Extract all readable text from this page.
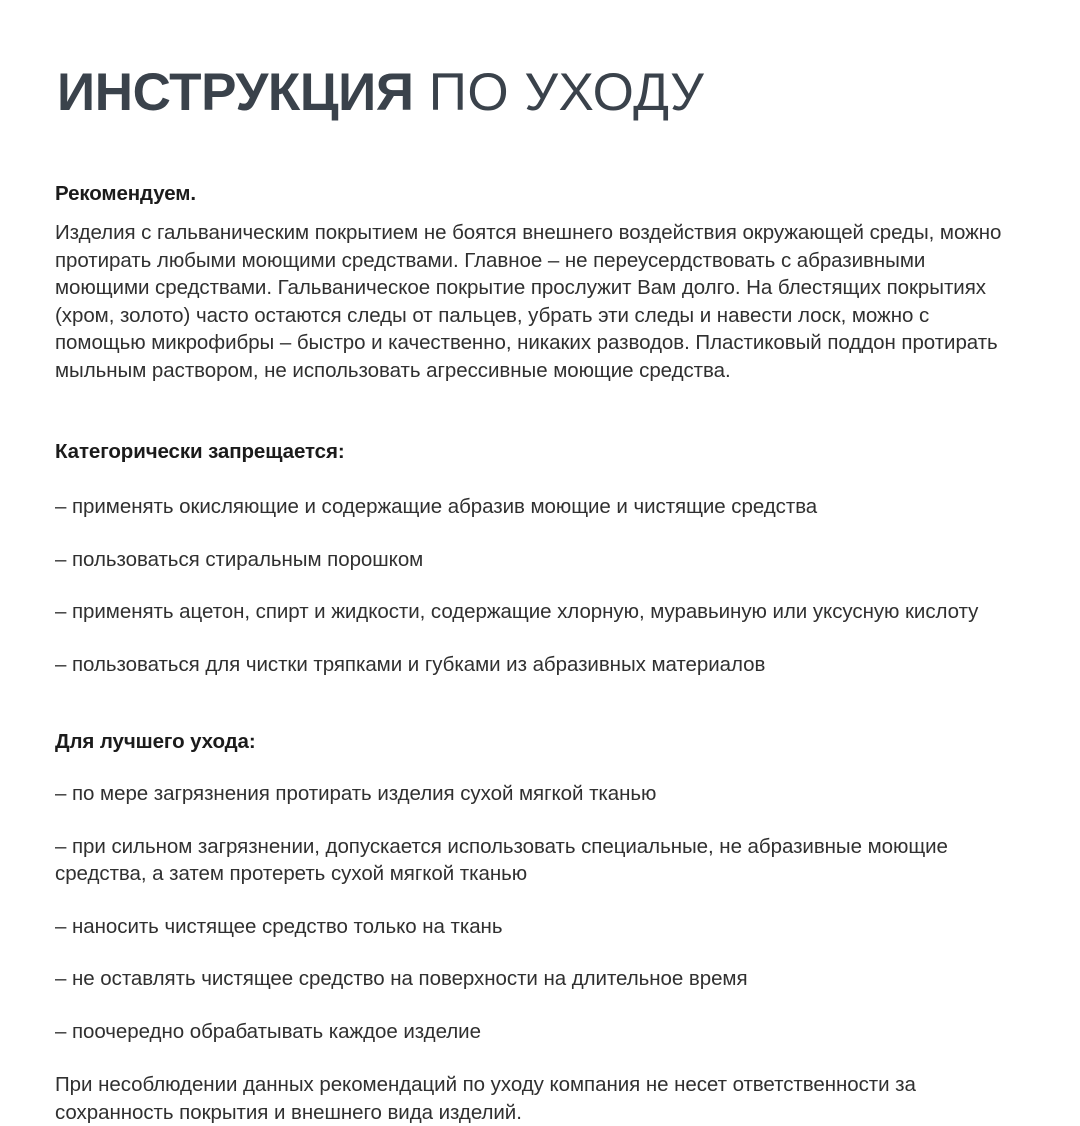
ИНСТРУКЦИЯ ПО УХОДУ
Рекомендуем.

Изделия с гальваническим покрытием не боятся внешнего воздействия окружающей среды, можно протирать любыми моющими средствами. Главное – не переусердствовать с абразивными моющими средствами. Гальваническое покрытие прослужит Вам долго. На блестящих покрытиях (хром, золото) часто остаются следы от пальцев, убрать эти следы и навести лоск, можно с помощью микрофибры – быстро и качественно, никаких разводов. Пластиковый поддон протирать мыльным раствором, не использовать агрессивные моющие средства.

Категорически запрещается:
– применять окисляющие и содержащие абразив моющие и чистящие средства
– пользоваться стиральным порошком
– применять ацетон, спирт и жидкости, содержащие хлорную, муравьиную или уксусную кислоту
– пользоваться для чистки тряпками и губками из абразивных материалов
Для лучшего ухода:
– по мере загрязнения протирать изделия сухой мягкой тканью
– при сильном загрязнении, допускается использовать специальные, не абразивные моющие средства, а затем протереть сухой мягкой тканью
– наносить чистящее средство только на ткань
– не оставлять чистящее средство на поверхности на длительное время
– поочередно обрабатывать каждое изделие

При несоблюдении данных рекомендаций по уходу компания не несет ответственности за сохранность покрытия и внешнего вида изделий.
